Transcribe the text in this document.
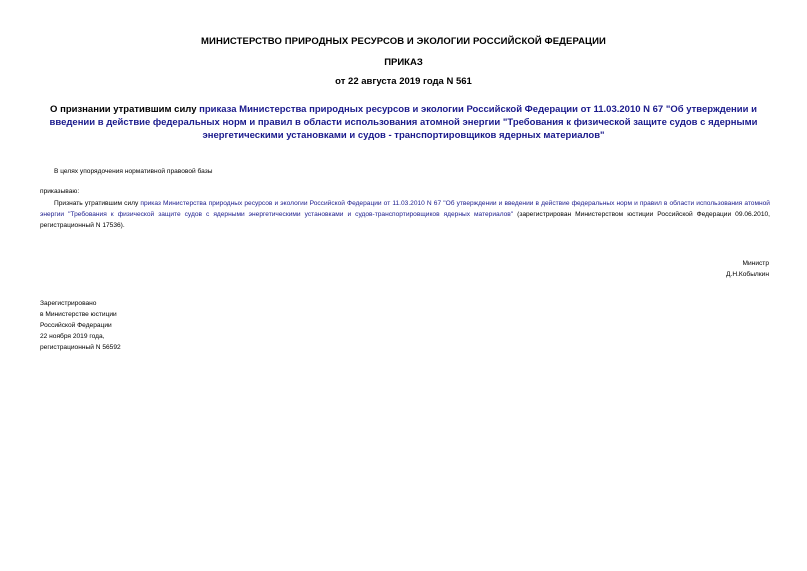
МИНИСТЕРСТВО ПРИРОДНЫХ РЕСУРСОВ И ЭКОЛОГИИ РОССИЙСКОЙ ФЕДЕРАЦИИ
ПРИКАЗ
от 22 августа 2019 года N 561
О признании утратившим силу приказа Министерства природных ресурсов и экологии Российской Федерации от 11.03.2010 N 67 "Об утверждении и введении в действие федеральных норм и правил в области использования атомной энергии "Требования к физической защите судов с ядерными энергетическими установками и судов - транспортировщиков ядерных материалов"
В целях упорядочения нормативной правовой базы
приказываю:
Признать утратившим силу приказ Министерства природных ресурсов и экологии Российской Федерации от 11.03.2010 N 67 "Об утверждении и введении в действие федеральных норм и правил в области использования атомной энергии "Требования к физической защите судов с ядерными энергетическими установками и судов-транспортировщиков ядерных материалов" (зарегистрирован Министерством юстиции Российской Федерации 09.06.2010, регистрационный N 17536).
Министр
Д.Н.Кобылкин
Зарегистрировано
в Министерстве юстиции
Российской Федерации
22 ноября 2019 года,
регистрационный N 56592
